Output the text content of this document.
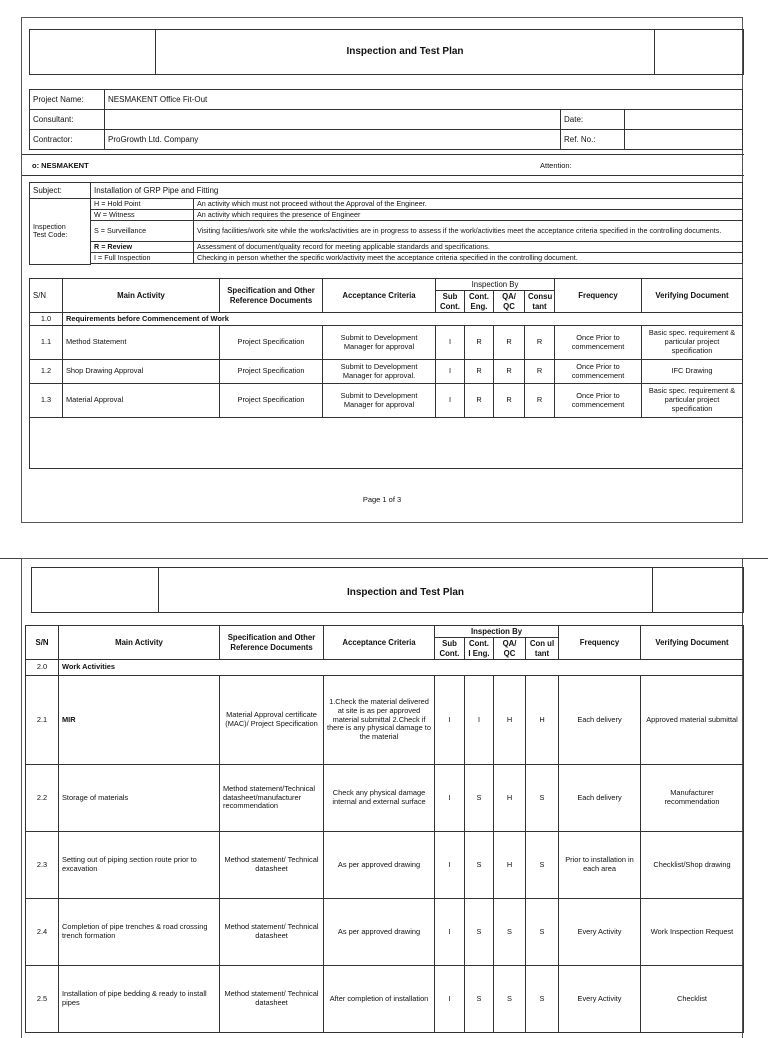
Inspection and Test Plan
Project Name:	NESMAKENT Office Fit-Out		
Consultant:		Date:	
Contractor:	ProGrowth Ltd. Company	Ref. No.:	
o: NESMAKENT	Attention:
Subject:	Installation of GRP Pipe and Fitting	
Inspection
Test Code:	H = Hold Point	An activity which must not proceed without the Approval of the Engineer.
	W = Witness	An activity which requires the presence of Engineer
	S = Surveillance	Visiting facilities/work site while the works/activities are in progress to assess if the work/activities meet the acceptance criteria specified in the controlling documents.
	R = Review	Assessment of document/quality record for meeting applicable standards and specifications.
	I = Full Inspection	Checking in person whether the specific work/activity meet the acceptance criteria specified in the controlling document.

S/N	Main Activity	Specification and Other Reference Documents	Acceptance Criteria	Inspection By				Frequency	Verifying Document
				Sub Cont.	Cont. Eng.	QA/ QC	Consu tant		
1.0	Requirements before Commencement of Work								
1.1	Method Statement	Project Specification	Submit to Development Manager for approval	I	R	R	R	Once Prior to commencement	Basic spec. requirement & particular project specification
1.2	Shop Drawing Approval	Project Specification	Submit to Development Manager for approval.	I	R	R	R	Once Prior to commencement	IFC Drawing
1.3	Material Approval	Project Specification	Submit to Development Manager for approval	I	R	R	R	Once Prior to commencement	Basic spec. requirement & particular project specification

Page 1 of 3
Inspection and Test Plan
S/N	Main Activity	Specification and Other Reference Documents	Acceptance Criteria	Inspection By				Frequency	Verifying Document
				Sub Cont.	Cont. I Eng.	QA/ QC	Con ul tant		
2.0	Work Activities								
2.1	MIR	Material Approval certificate (MAC)/ Project Specification	1.Check the material delivered at site is as per approved material submittal 2.Check if there is any physical damage to the material	I	I	H	H	Each delivery	Approved material submittal
2.2	Storage of materials	Method statement/Technical datasheet/manufacturer recommendation	Check any physical damage internal and external surface	I	S	H	S	Each delivery	Manufacturer recommendation
2.3	Setting out of piping section route prior to excavation	Method statement/ Technical datasheet	As per approved drawing	I	S	H	S	Prior to installation in each area	Checklist/Shop drawing
2.4	Completion of pipe trenches & road crossing trench formation	Method statement/ Technical datasheet	As per approved drawing	I	S	S	S	Every Activity	Work Inspection Request
2.5	Installation of pipe bedding & ready to install pipes	Method statement/ Technical datasheet	After completion of installation	I	S	S	S	Every Activity	Checklist
